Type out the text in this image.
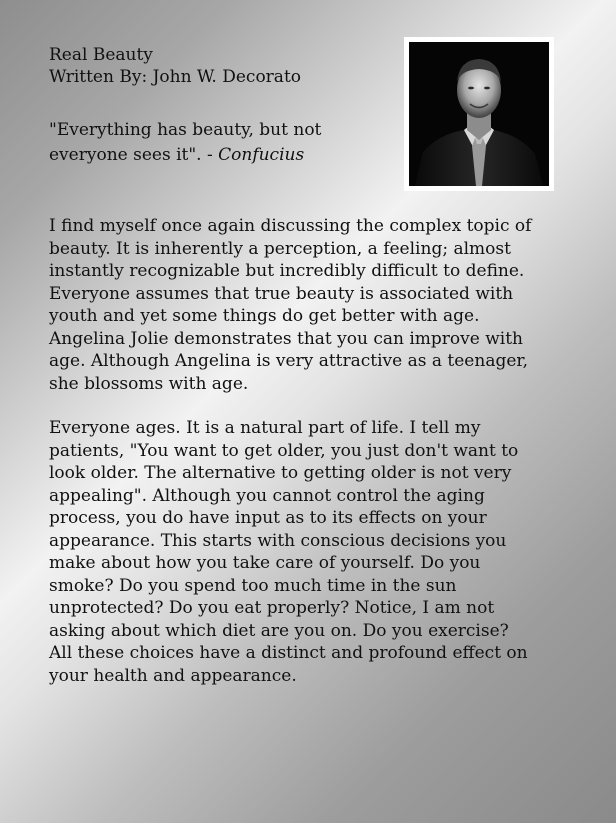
Real Beauty
Written By: John W. Decorato
"Everything has beauty, but not everyone sees it". - Confucius

I find myself once again discussing the complex topic of
beauty. It is inherently a perception, a feeling; almost
instantly recognizable but incredibly difficult to define.
Everyone assumes that true beauty is associated with
youth and yet some things do get better with age.
Angelina Jolie demonstrates that you can improve with
age. Although Angelina is very attractive as a teenager,
she blossoms with age.

Everyone ages. It is a natural part of life. I tell my
patients, "You want to get older, you just don't want to
look older. The alternative to getting older is not very
appealing". Although you cannot control the aging
process, you do have input as to its effects on your
appearance. This starts with conscious decisions you
make about how you take care of yourself. Do you
smoke? Do you spend too much time in the sun
unprotected? Do you eat properly? Notice, I am not
asking about which diet are you on. Do you exercise?
All these choices have a distinct and profound effect on
your health and appearance.
